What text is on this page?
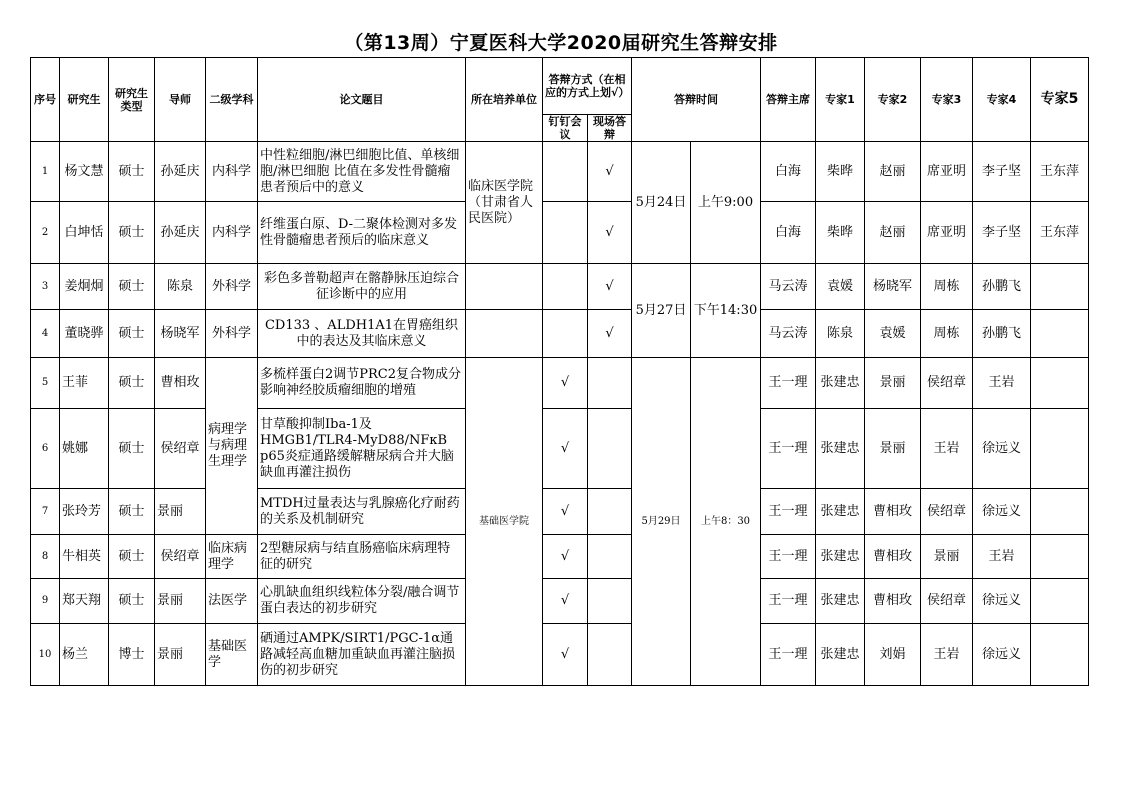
（第13周）宁夏医科大学2020届研究生答辩安排
序号	研究生	研究生类型	导师	二级学科	论文题目	所在培养单位	答辩方式（在相应的方式上划√）		答辩时间		答辩主席	专家1	专家2	专家3	专家4	专家5
							钉钉会议	现场答辩								
1	杨文慧	硕士	孙延庆	内科学	中性粒细胞/淋巴细胞比值、单核细胞/淋巴细胞 比值在多发性骨髓瘤患者预后中的意义	临床医学院（甘肃省人民医院）		√	5月24日	上午9:00	白海	柴晔	赵丽	席亚明	李子坚	王东萍
2	白坤恬	硕士	孙延庆	内科学	纤维蛋白原、D-二聚体检测对多发性骨髓瘤患者预后的临床意义			√			白海	柴晔	赵丽	席亚明	李子坚	王东萍
3	姜炯炯	硕士	陈泉	外科学	彩色多普勒超声在髂静脉压迫综合征诊断中的应用			√	5月27日	下午14:30	马云涛	袁媛	杨晓军	周栋	孙鹏飞	
4	董晓骅	硕士	杨晓军	外科学	CD133 、ALDH1A1在胃癌组织中的表达及其临床意义			√			马云涛	陈泉	袁媛	周栋	孙鹏飞	
5	王菲	硕士	曹相玫	病理学与病理生理学	多梳样蛋白2调节PRC2复合物成分影响神经胶质瘤细胞的增殖	基础医学院	√		5月29日	上午8：30	王一理	张建忠	景丽	侯绍章	王岩	
6	姚娜	硕士	侯绍章		甘草酸抑制Iba-1及HMGB1/TLR4-MyD88/NFκB p65炎症通路缓解糖尿病合并大脑缺血再灌注损伤		√				王一理	张建忠	景丽	王岩	徐远义	
7	张玲芳	硕士	景丽		MTDH过量表达与乳腺癌化疗耐药的关系及机制研究		√				王一理	张建忠	曹相玫	侯绍章	徐远义	
8	牛相英	硕士	侯绍章	临床病理学	2型糖尿病与结直肠癌临床病理特征的研究		√				王一理	张建忠	曹相玫	景丽	王岩	
9	郑天翔	硕士	景丽	法医学	心肌缺血组织线粒体分裂/融合调节蛋白表达的初步研究		√				王一理	张建忠	曹相玫	侯绍章	徐远义	
10	杨兰	博士	景丽	基础医学	硒通过AMPK/SIRT1/PGC-1α通路减轻高血糖加重缺血再灌注脑损伤的初步研究		√				王一理	张建忠	刘娟	王岩	徐远义	
